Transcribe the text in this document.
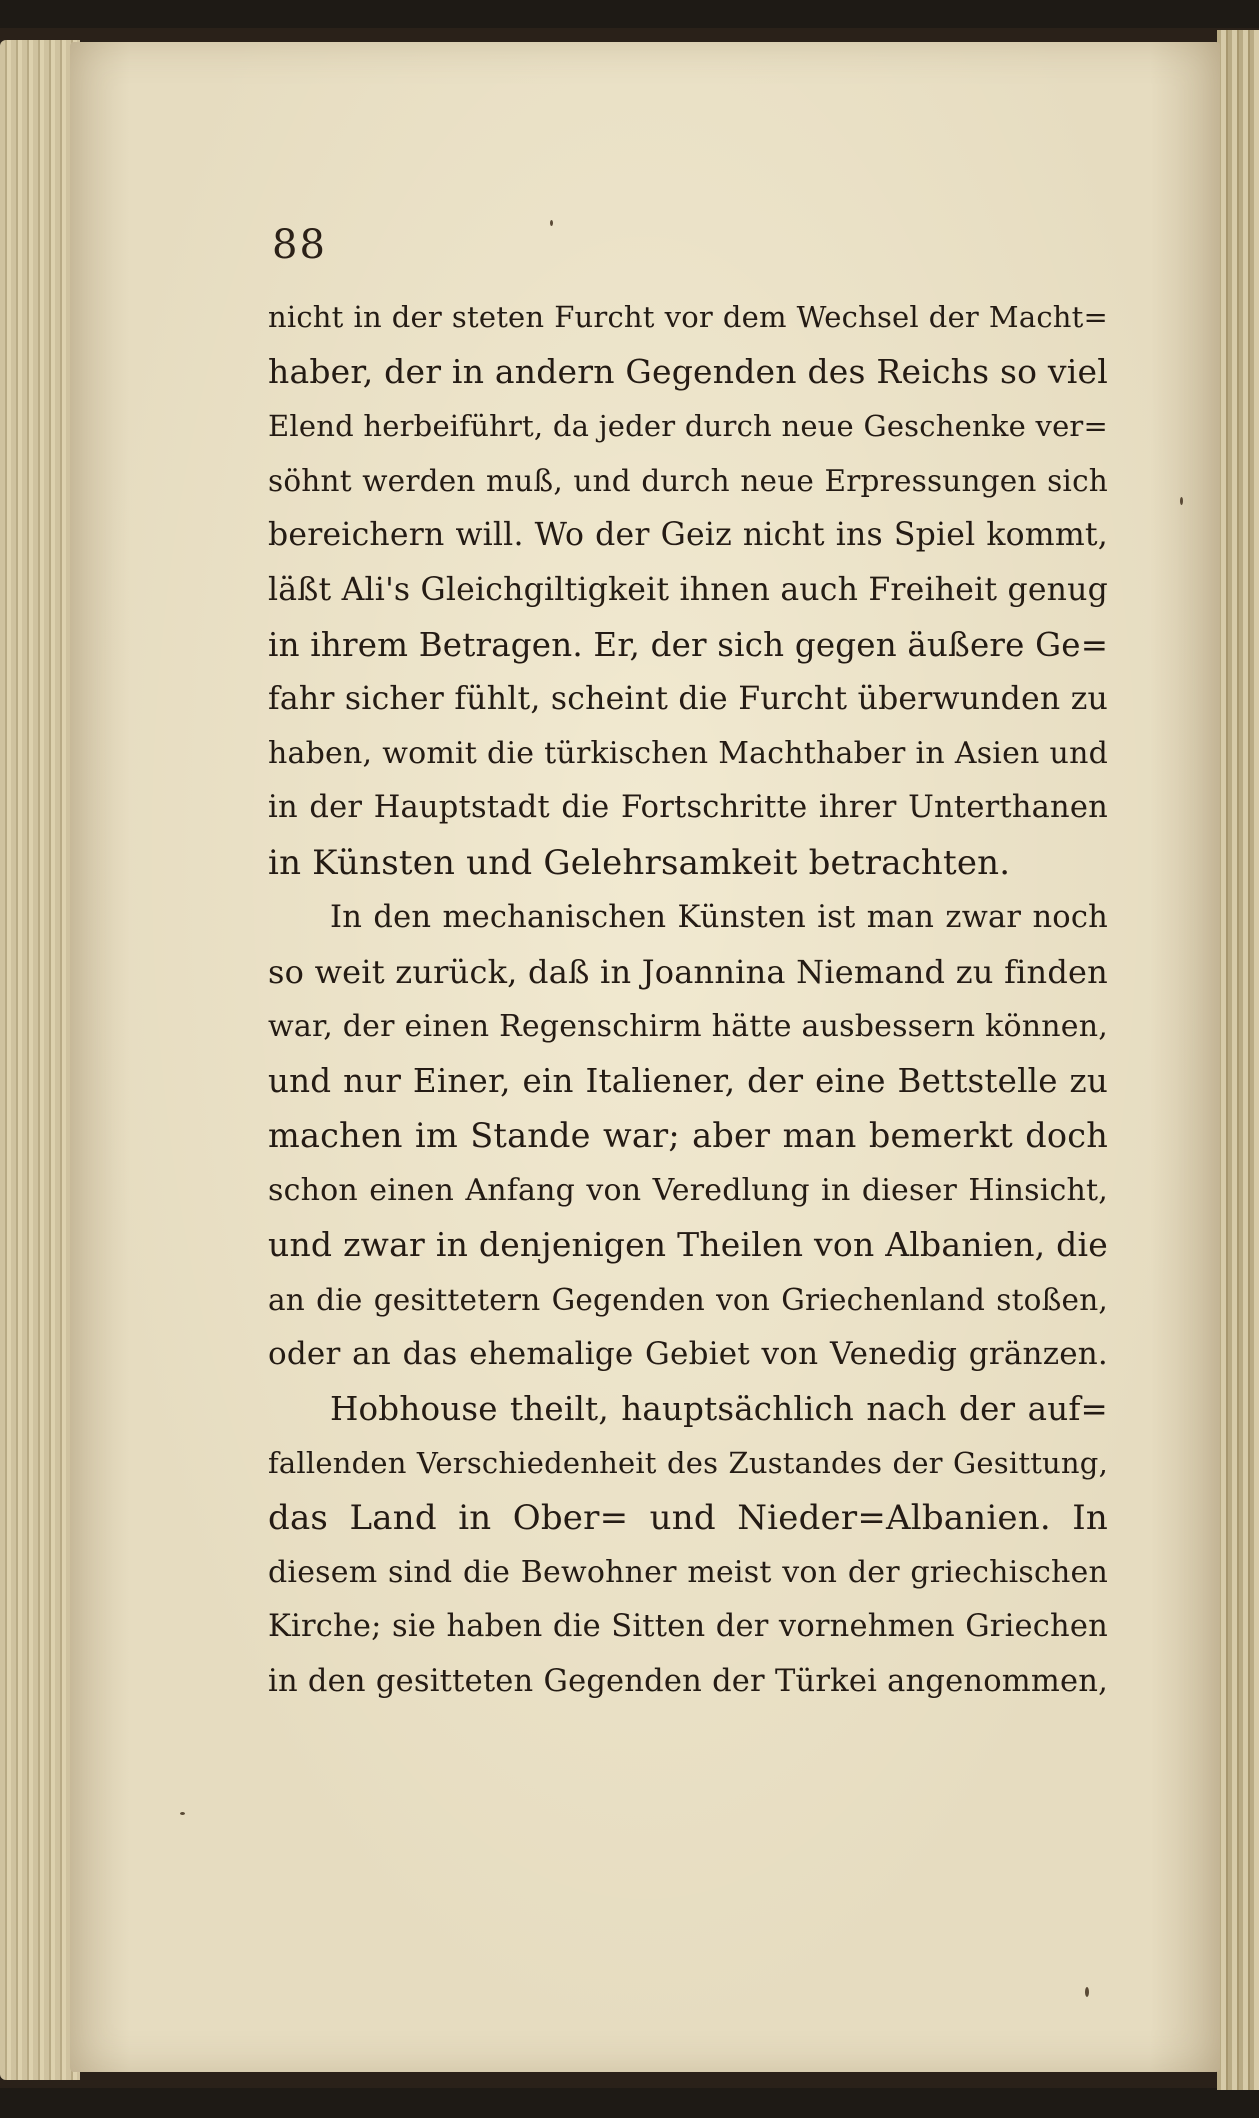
88

nicht in der steten Furcht vor dem Wechsel der Macht=
haber, der in andern Gegenden des Reichs so viel
Elend herbeiführt, da jeder durch neue Geschenke ver=
söhnt werden muß, und durch neue Erpressungen sich
bereichern will. Wo der Geiz nicht ins Spiel kommt,
läßt Ali's Gleichgiltigkeit ihnen auch Freiheit genug
in ihrem Betragen. Er, der sich gegen äußere Ge=
fahr sicher fühlt, scheint die Furcht überwunden zu
haben, womit die türkischen Machthaber in Asien und
in der Hauptstadt die Fortschritte ihrer Unterthanen
in Künsten und Gelehrsamkeit betrachten.
In den mechanischen Künsten ist man zwar noch
so weit zurück, daß in Joannina Niemand zu finden
war, der einen Regenschirm hätte ausbessern können,
und nur Einer, ein Italiener, der eine Bettstelle zu
machen im Stande war; aber man bemerkt doch
schon einen Anfang von Veredlung in dieser Hinsicht,
und zwar in denjenigen Theilen von Albanien, die
an die gesittetern Gegenden von Griechenland stoßen,
oder an das ehemalige Gebiet von Venedig gränzen.
Hobhouse theilt, hauptsächlich nach der auf=
fallenden Verschiedenheit des Zustandes der Gesittung,
das Land in Ober= und Nieder=Albanien. In
diesem sind die Bewohner meist von der griechischen
Kirche; sie haben die Sitten der vornehmen Griechen
in den gesitteten Gegenden der Türkei angenommen,
